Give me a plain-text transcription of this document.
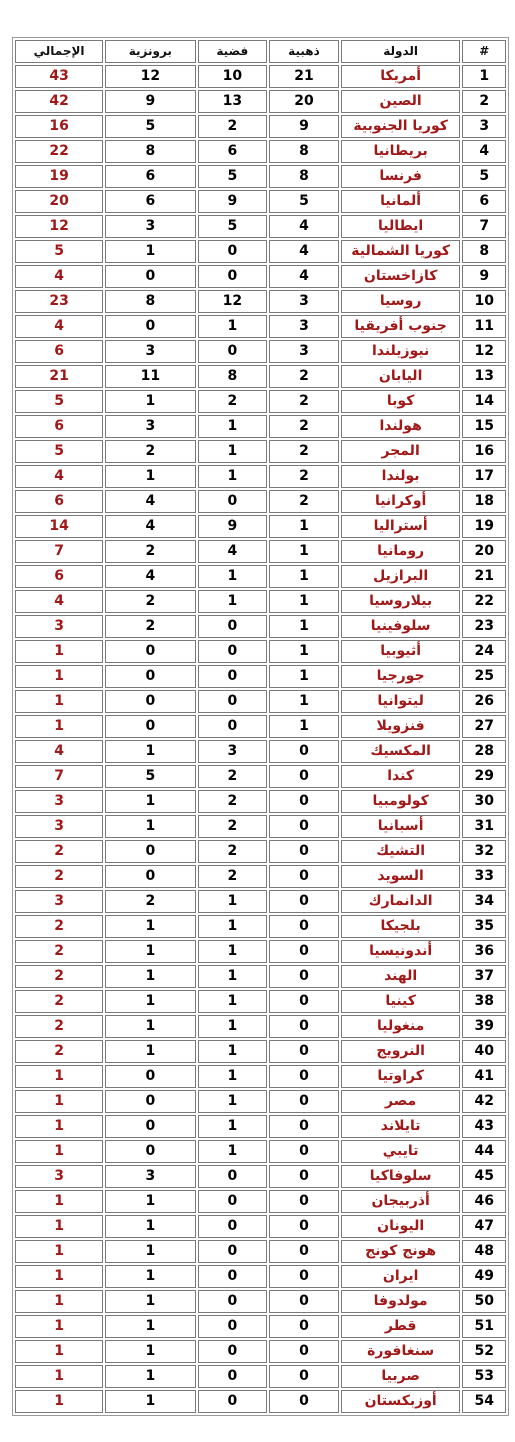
#	الدولة	ذهبية	فضية	برونزية	الإجمالي
1	أمريكا	21	10	12	43
2	الصين	20	13	9	42
3	كوريا الجنوبية	9	2	5	16
4	بريطانيا	8	6	8	22
5	فرنسا	8	5	6	19
6	ألمانيا	5	9	6	20
7	ايطاليا	4	5	3	12
8	كوريا الشمالية	4	0	1	5
9	كازاخستان	4	0	0	4
10	روسيا	3	12	8	23
11	جنوب أفريقيا	3	1	0	4
12	نيوزيلندا	3	0	3	6
13	اليابان	2	8	11	21
14	كوبا	2	2	1	5
15	هولندا	2	1	3	6
16	المجر	2	1	2	5
17	بولندا	2	1	1	4
18	أوكرانيا	2	0	4	6
19	أستراليا	1	9	4	14
20	رومانيا	1	4	2	7
21	البرازيل	1	1	4	6
22	بيلاروسيا	1	1	2	4
23	سلوفينيا	1	0	2	3
24	أثيوبيا	1	0	0	1
25	جورجيا	1	0	0	1
26	ليتوانيا	1	0	0	1
27	فنزويلا	1	0	0	1
28	المكسيك	0	3	1	4
29	كندا	0	2	5	7
30	كولومبيا	0	2	1	3
31	أسبانيا	0	2	1	3
32	التشيك	0	2	0	2
33	السويد	0	2	0	2
34	الدانمارك	0	1	2	3
35	بلجيكا	0	1	1	2
36	أندونيسيا	0	1	1	2
37	الهند	0	1	1	2
38	كينيا	0	1	1	2
39	منغوليا	0	1	1	2
40	النرويج	0	1	1	2
41	كراوتيا	0	1	0	1
42	مصر	0	1	0	1
43	تايلاند	0	1	0	1
44	تايبي	0	1	0	1
45	سلوفاكيا	0	0	3	3
46	أذربيجان	0	0	1	1
47	اليونان	0	0	1	1
48	هونج كونج	0	0	1	1
49	ايران	0	0	1	1
50	مولدوفا	0	0	1	1
51	قطر	0	0	1	1
52	سنغافورة	0	0	1	1
53	صربيا	0	0	1	1
54	أوزبكستان	0	0	1	1
